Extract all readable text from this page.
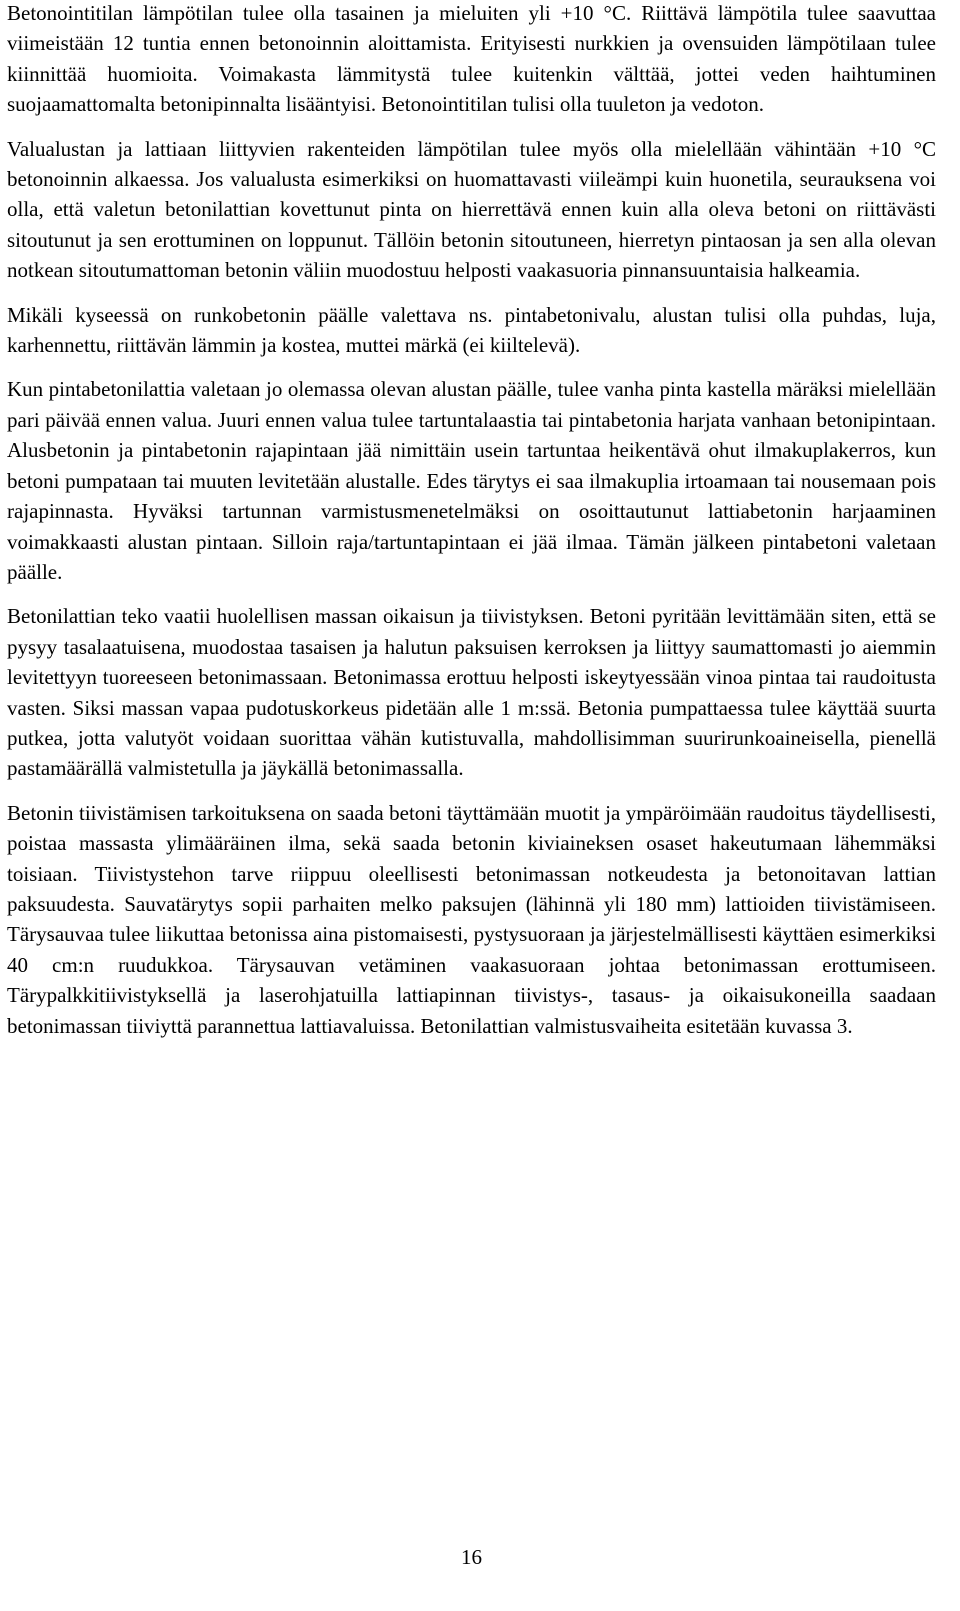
Betonointitilan lämpötilan tulee olla tasainen ja mieluiten yli +10 °C. Riittävä lämpötila tulee saavuttaa viimeistään 12 tuntia ennen betonoinnin aloittamista. Erityisesti nurkkien ja ovensuiden lämpötilaan tulee kiinnittää huomioita. Voimakasta lämmitystä tulee kuitenkin välttää, jottei veden haihtuminen suojaamattomalta betonipinnalta lisääntyisi. Betonointitilan tulisi olla tuuleton ja vedoton.

Valualustan ja lattiaan liittyvien rakenteiden lämpötilan tulee myös olla mielellään vähintään +10 °C betonoinnin alkaessa. Jos valualusta esimerkiksi on huomattavasti viileämpi kuin huonetila, seurauksena voi olla, että valetun betonilattian kovettunut pinta on hierrettävä ennen kuin alla oleva betoni on riittävästi sitoutunut ja sen erottuminen on loppunut. Tällöin betonin sitoutuneen, hierretyn pintaosan ja sen alla olevan notkean sitoutumattoman betonin väliin muodostuu helposti vaakasuoria pinnansuuntaisia halkeamia.

Mikäli kyseessä on runkobetonin päälle valettava ns. pintabetonivalu, alustan tulisi olla puhdas, luja, karhennettu, riittävän lämmin ja kostea, muttei märkä (ei kiiltelevä).

Kun pintabetonilattia valetaan jo olemassa olevan alustan päälle, tulee vanha pinta kastella märäksi mielellään pari päivää ennen valua. Juuri ennen valua tulee tartuntalaastia tai pintabetonia harjata vanhaan betonipintaan. Alusbetonin ja pintabetonin rajapintaan jää nimittäin usein tartuntaa heikentävä ohut ilmakuplakerros, kun betoni pumpataan tai muuten levitetään alustalle. Edes tärytys ei saa ilmakuplia irtoamaan tai nousemaan pois rajapinnasta. Hyväksi tartunnan varmistusmenetelmäksi on osoittautunut lattiabetonin harjaaminen voimakkaasti alustan pintaan. Silloin raja/tartuntapintaan ei jää ilmaa. Tämän jälkeen pintabetoni valetaan päälle.

Betonilattian teko vaatii huolellisen massan oikaisun ja tiivistyksen. Betoni pyritään levittämään siten, että se pysyy tasalaatuisena, muodostaa tasaisen ja halutun paksuisen kerroksen ja liittyy saumattomasti jo aiemmin levitettyyn tuoreeseen betonimassaan. Betonimassa erottuu helposti iskeytyessään vinoa pintaa tai raudoitusta vasten. Siksi massan vapaa pudotuskorkeus pidetään alle 1 m:ssä. Betonia pumpattaessa tulee käyttää suurta putkea, jotta valutyöt voidaan suorittaa vähän kutistuvalla, mahdollisimman suurirunkoaineisella, pienellä pastamäärällä valmistetulla ja jäykällä betonimassalla.

Betonin tiivistämisen tarkoituksena on saada betoni täyttämään muotit ja ympäröimään raudoitus täydellisesti, poistaa massasta ylimääräinen ilma, sekä saada betonin kiviaineksen osaset hakeutumaan lähemmäksi toisiaan. Tiivistystehon tarve riippuu oleellisesti betonimassan notkeudesta ja betonoitavan lattian paksuudesta. Sauvatärytys sopii parhaiten melko paksujen (lähinnä yli 180 mm) lattioiden tiivistämiseen. Tärysauvaa tulee liikuttaa betonissa aina pistomaisesti, pystysuoraan ja järjestelmällisesti käyttäen esimerkiksi 40 cm:n ruudukkoa. Tärysauvan vetäminen vaakasuoraan johtaa betonimassan erottumiseen. Tärypalkkitiivistyksellä ja laserohjatuilla lattiapinnan tiivistys-, tasaus- ja oikaisukoneilla saadaan betonimassan tiiviyttä parannettua lattiavaluissa. Betonilattian valmistusvaiheita esitetään kuvassa 3.

16
